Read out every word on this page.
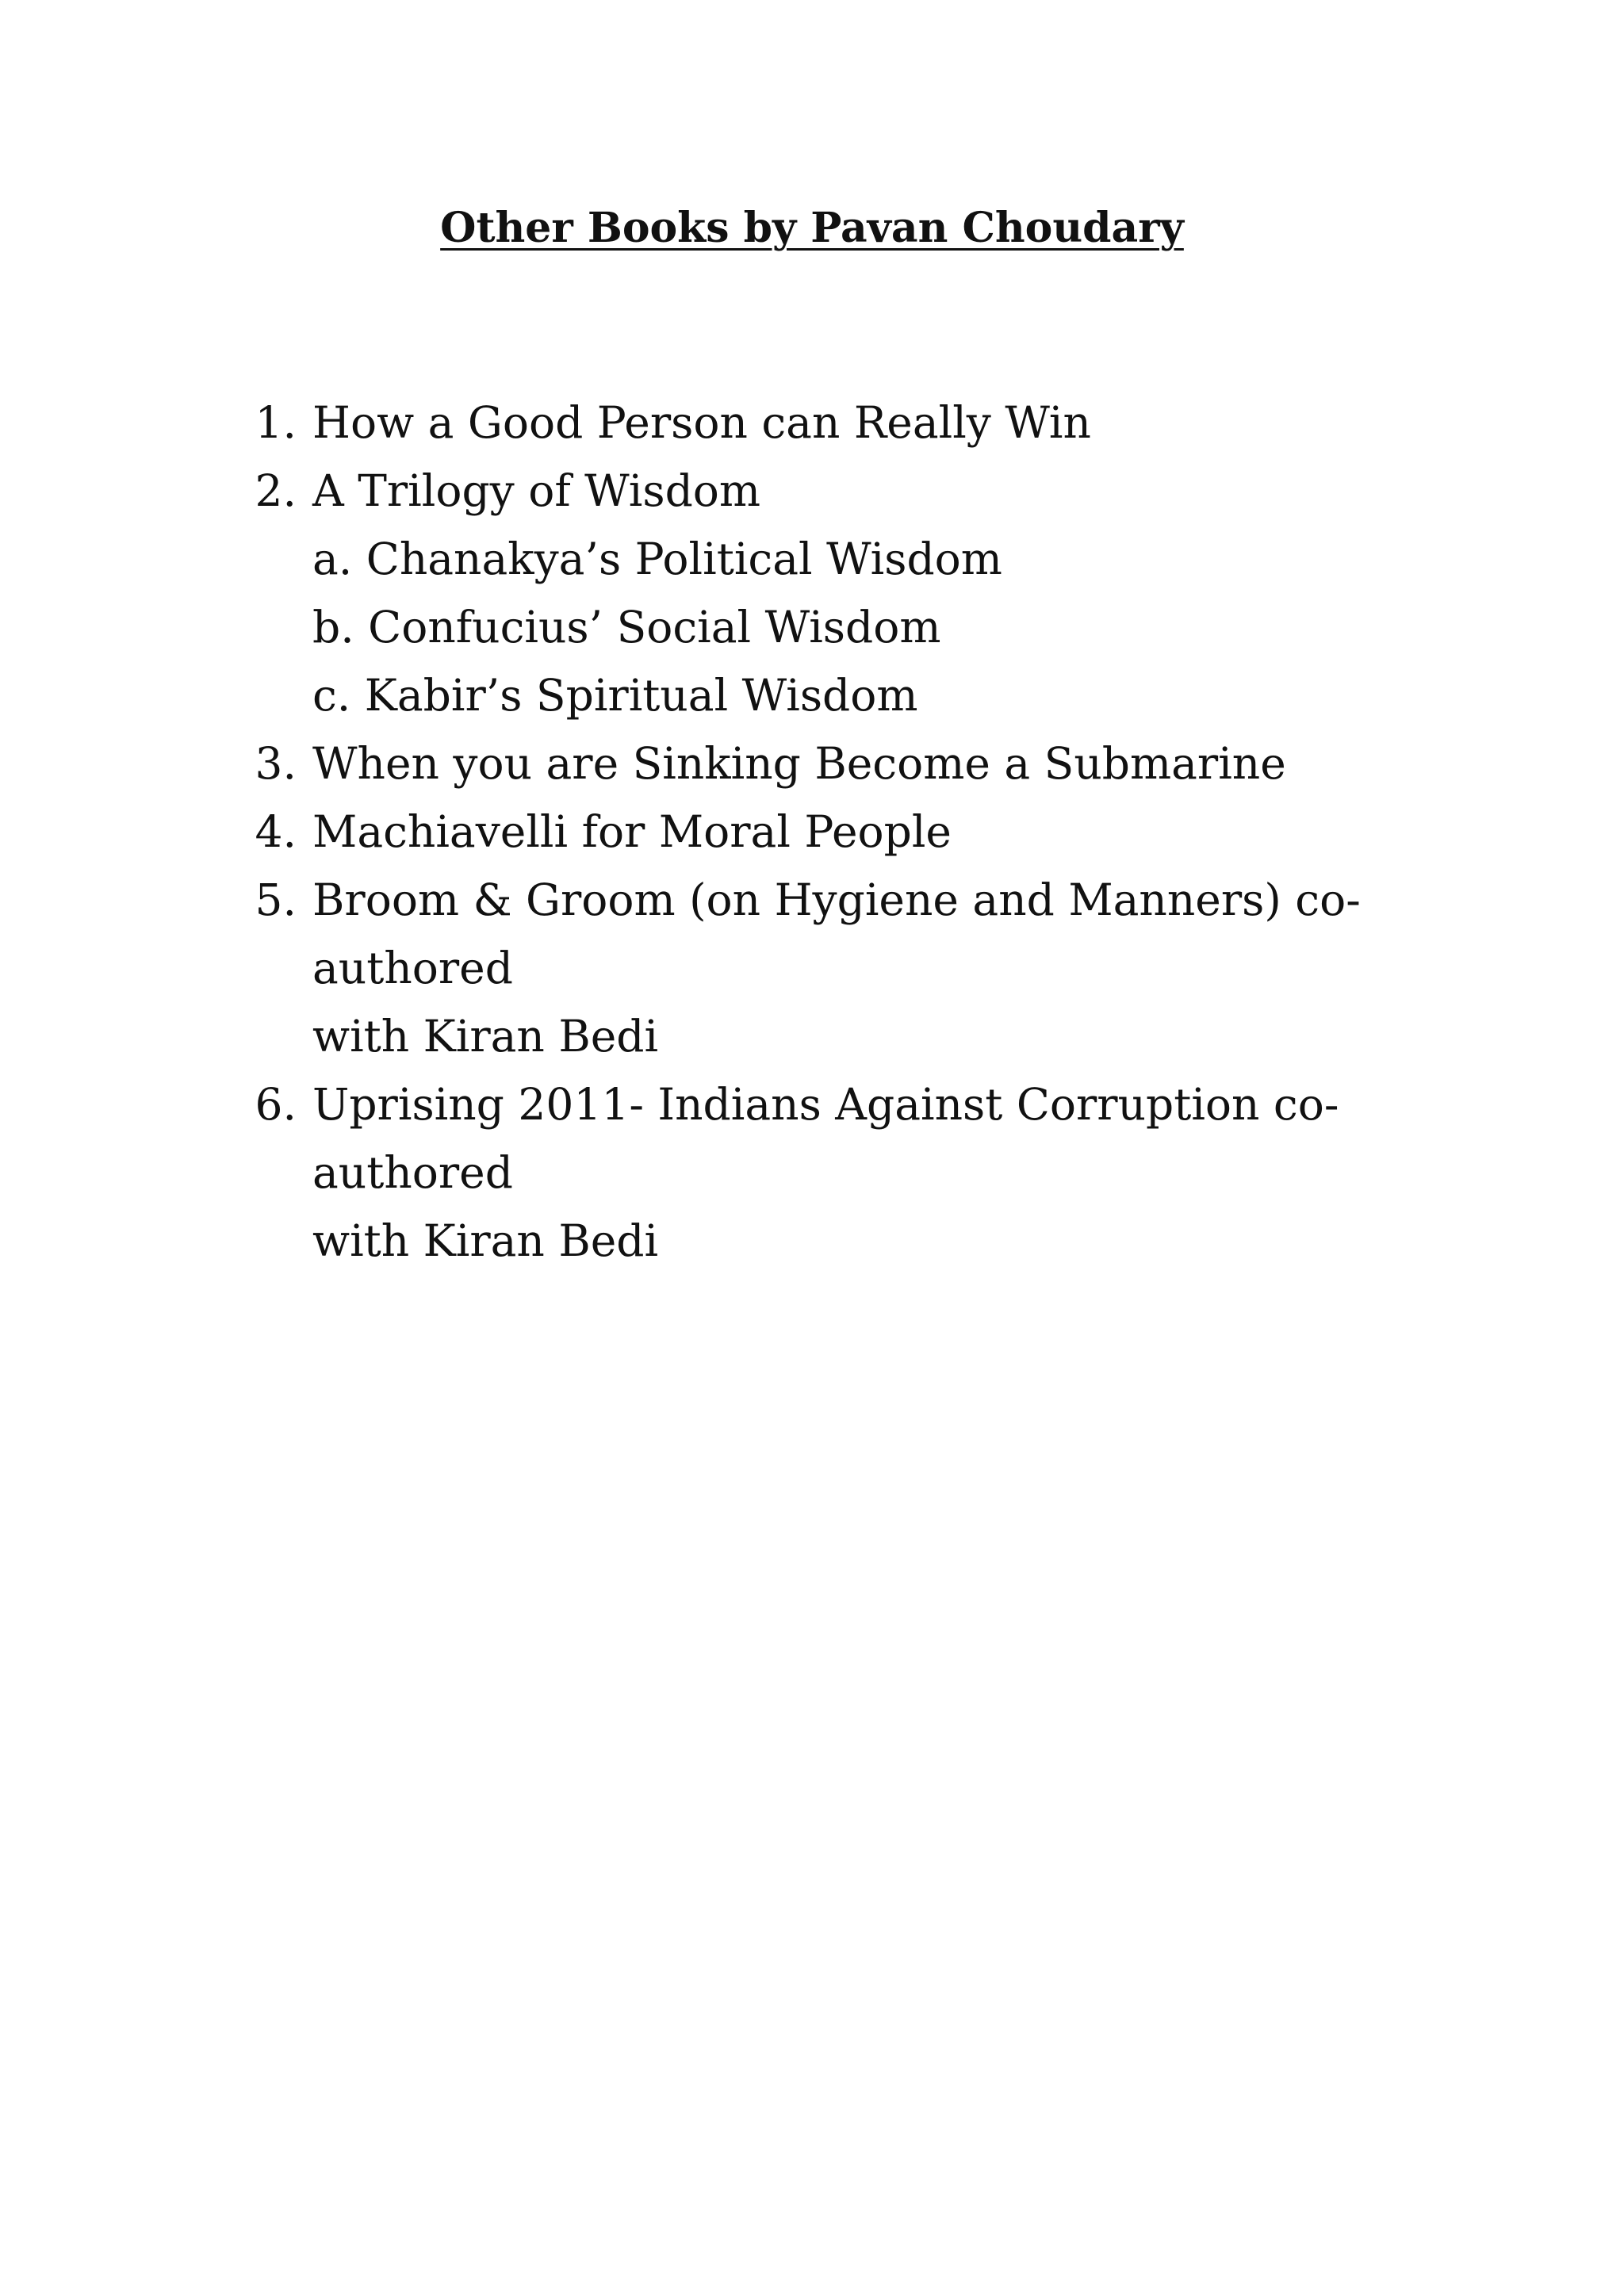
Other Books by Pavan Choudary
1. How a Good Person can Really Win
2. A Trilogy of Wisdom
a. Chanakya’s Political Wisdom
b. Confucius’ Social Wisdom
c. Kabir’s Spiritual Wisdom
3. When you are Sinking Become a Submarine
4. Machiavelli for Moral People
5. Broom & Groom (on Hygiene and Manners) co-authored
with Kiran Bedi
6. Uprising 2011- Indians Against Corruption co-authored
with Kiran Bedi
